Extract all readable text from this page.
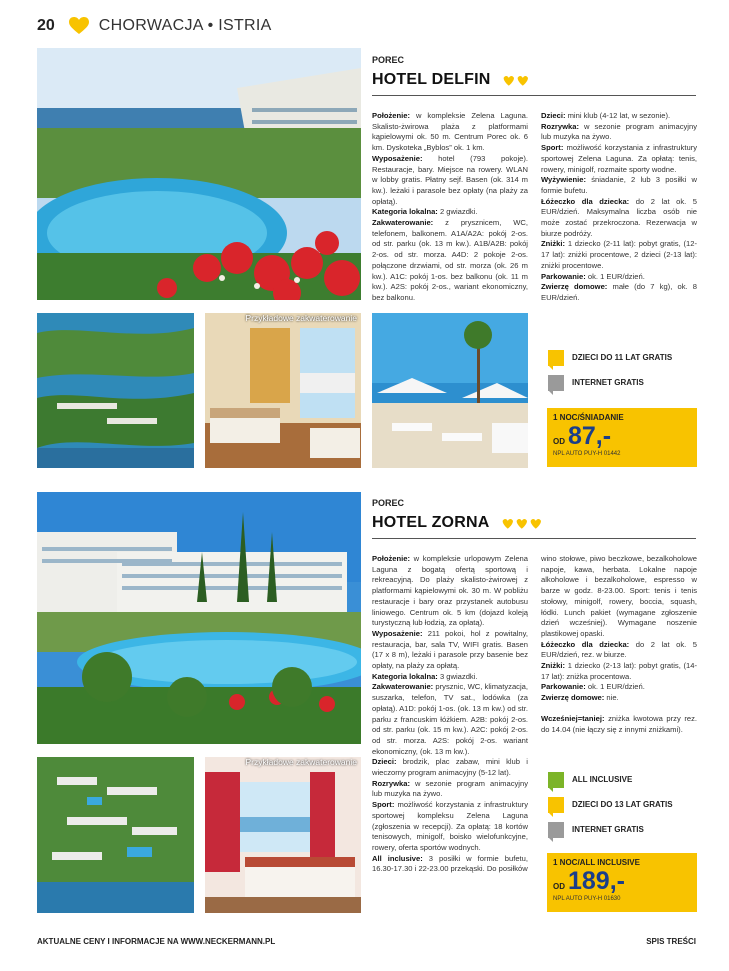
20	CHORWACJA • ISTRIA
Przykładowe zakwaterowanie
POREC
HOTEL DELFIN

Położenie: w kompleksie Zelena Laguna. Skalisto-żwirowa plaża z platformami kąpielowymi ok. 50 m. Centrum Porec ok. 6 km. Dyskoteka „Byblos” ok. 1 km.

Wyposażenie: hotel (793 pokoje). Restauracje, bary. Miejsce na rowery. WLAN w lobby gratis. Płatny sejf. Basen (ok. 314 m kw.). leżaki i parasole bez opłaty (na plaży za opłatą).

Kategoria lokalna: 2 gwiazdki.

Zakwaterowanie: z prysznicem, WC, telefonem, balkonem. A1A/A2A: pokój 2-os. od str. parku (ok. 13 m kw.). A1B/A2B: pokój 2-os. od str. morza. A4D: 2 pokoje 2-os. połączone drzwiami, od str. morza (ok. 26 m kw.). A1C: pokój 1-os. bez balkonu (ok. 11 m kw.). A2S: pokój 2-os., wariant ekonomiczny, bez balkonu.

Dzieci: mini klub (4-12 lat, w sezonie).

Rozrywka: w sezonie program animacyjny lub muzyka na żywo.

Sport: możliwość korzystania z infrastruktury sportowej Zelena Laguna. Za opłatą: tenis, rowery, minigolf, rozmaite sporty wodne.

Wyżywienie: śniadanie, 2 lub 3 posiłki w formie bufetu.

Łóżeczko dla dziecka: do 2 lat ok. 5 EUR/dzień. Maksymalna liczba osób nie może zostać przekroczona. Rezerwacja w biurze podróży.

Zniżki: 1 dziecko (2-11 lat): pobyt gratis, (12-17 lat): zniżki procentowe, 2 dzieci (2-13 lat): zniżki procentowe.

Parkowanie: ok. 1 EUR/dzień.

Zwierzę domowe: małe (do 7 kg), ok. 8 EUR/dzień.

DZIECI DO 11 LAT GRATIS
INTERNET GRATIS
1 NOC/ŚNIADANIE
OD 87,-
NPL AUTO PUY-H 01442
Przykładowe zakwaterowanie
POREC
HOTEL ZORNA

Położenie: w kompleksie urlopowym Zelena Laguna z bogatą ofertą sportową i rekreacyjną. Do plaży skalisto-żwirowej z platformami kąpielowymi ok. 30 m. W pobliżu restauracje i bary oraz przystanek autobusu liniowego. Centrum ok. 5 km (dojazd koleją turystyczną lub łodzią, za opłatą).

Wyposażenie: 211 pokoi, hol z powitalny, restauracja, bar, sala TV, WIFI gratis. Basen (17 x 8 m), leżaki i parasole przy basenie bez opłaty, na plaży za opłatą.

Kategoria lokalna: 3 gwiazdki.

Zakwaterowanie: prysznic, WC, klimatyzacja, suszarka, telefon, TV sat., lodówka (za opłatą). A1D: pokój 1-os. (ok. 13 m kw.) od str. parku z francuskim łóżkiem. A2B: pokój 2-os. od str. parku (ok. 15 m kw.). A2C: pokój 2-os. od str. morza. A2S: pokój 2-os. wariant ekonomiczny, (ok. 13 m kw.).

Dzieci: brodzik, plac zabaw, mini klub i wieczorny program animacyjny (5-12 lat).

Rozrywka: w sezonie program animacyjny lub muzyka na żywo.

Sport: możliwość korzystania z infrastruktury sportowej kompleksu Zelena Laguna (zgłoszenia w recepcji). Za opłatą: 18 kortów tenisowych, minigolf, boisko wielofunkcyjne, rowery, oferta sportów wodnych.

All inclusive: 3 posiłki w formie bufetu, 16.30-17.30 i 22-23.00 przekąski. Do posiłków

wino stołowe, piwo beczkowe, bezalkoholowe napoje, kawa, herbata. Lokalne napoje alkoholowe i bezalkoholowe, espresso w barze w godz. 8-23.00. Sport: tenis i tenis stołowy, minigolf, rowery, boccia, squash, łódki. Lunch pakiet (wymagane zgłoszenie dzień wcześniej). Wymagane noszenie plastikowej opaski.

Łóżeczko dla dziecka: do 2 lat ok. 5 EUR/dzień, rez. w biurze.

Zniżki: 1 dziecko (2-13 lat): pobyt gratis, (14-17 lat): zniżka procentowa.

Parkowanie: ok. 1 EUR/dzień.

Zwierzę domowe: nie.

Wcześniej=taniej: zniżka kwotowa przy rez. do 14.04 (nie łączy się z innymi zniżkami).

ALL INCLUSIVE
DZIECI DO 13 LAT GRATIS
INTERNET GRATIS
1 NOC/ALL INCLUSIVE
OD 189,-
NPL AUTO PUY-H 01630
AKTUALNE CENY I INFORMACJE NA WWW.NECKERMANN.PL	SPIS TREŚCI
